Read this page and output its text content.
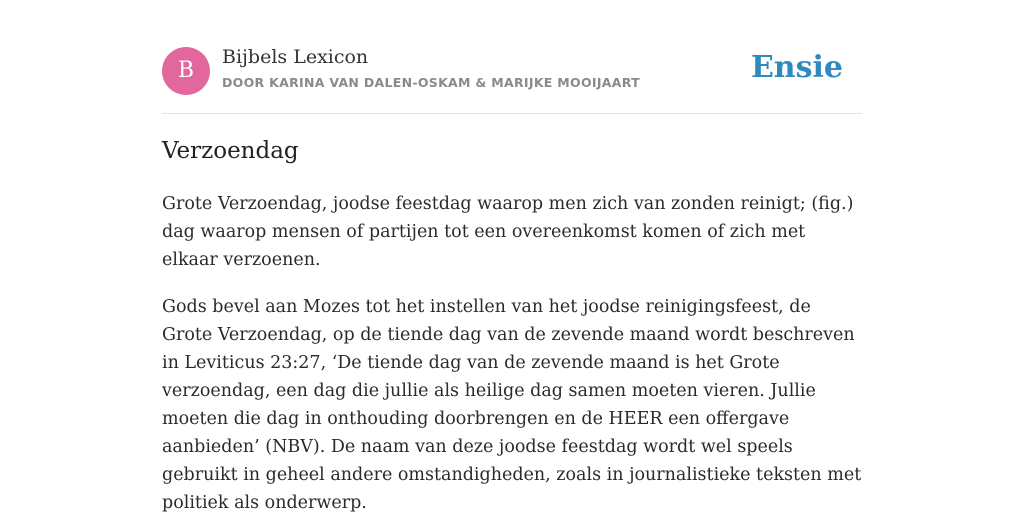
B
Bijbels Lexicon
DOOR KARINA VAN DALEN-OSKAM & MARIJKE MOOIJAART	Ensie
Verzoendag

Grote Verzoendag, joodse feestdag waarop men zich van zonden reinigt; (fig.) dag waarop mensen of partijen tot een overeenkomst komen of zich met elkaar verzoenen.

Gods bevel aan Mozes tot het instellen van het joodse reinigingsfeest, de Grote Verzoendag, op de tiende dag van de zevende maand wordt beschreven in Leviticus 23:27, ‘De tiende dag van de zevende maand is het Grote verzoendag, een dag die jullie als heilige dag samen moeten vieren. Jullie moeten die dag in onthouding doorbrengen en de HEER een offergave aanbieden’ (NBV). De naam van deze joodse feestdag wordt wel speels gebruikt in geheel andere omstandigheden, zoals in journalistieke teksten met politiek als onderwerp.
